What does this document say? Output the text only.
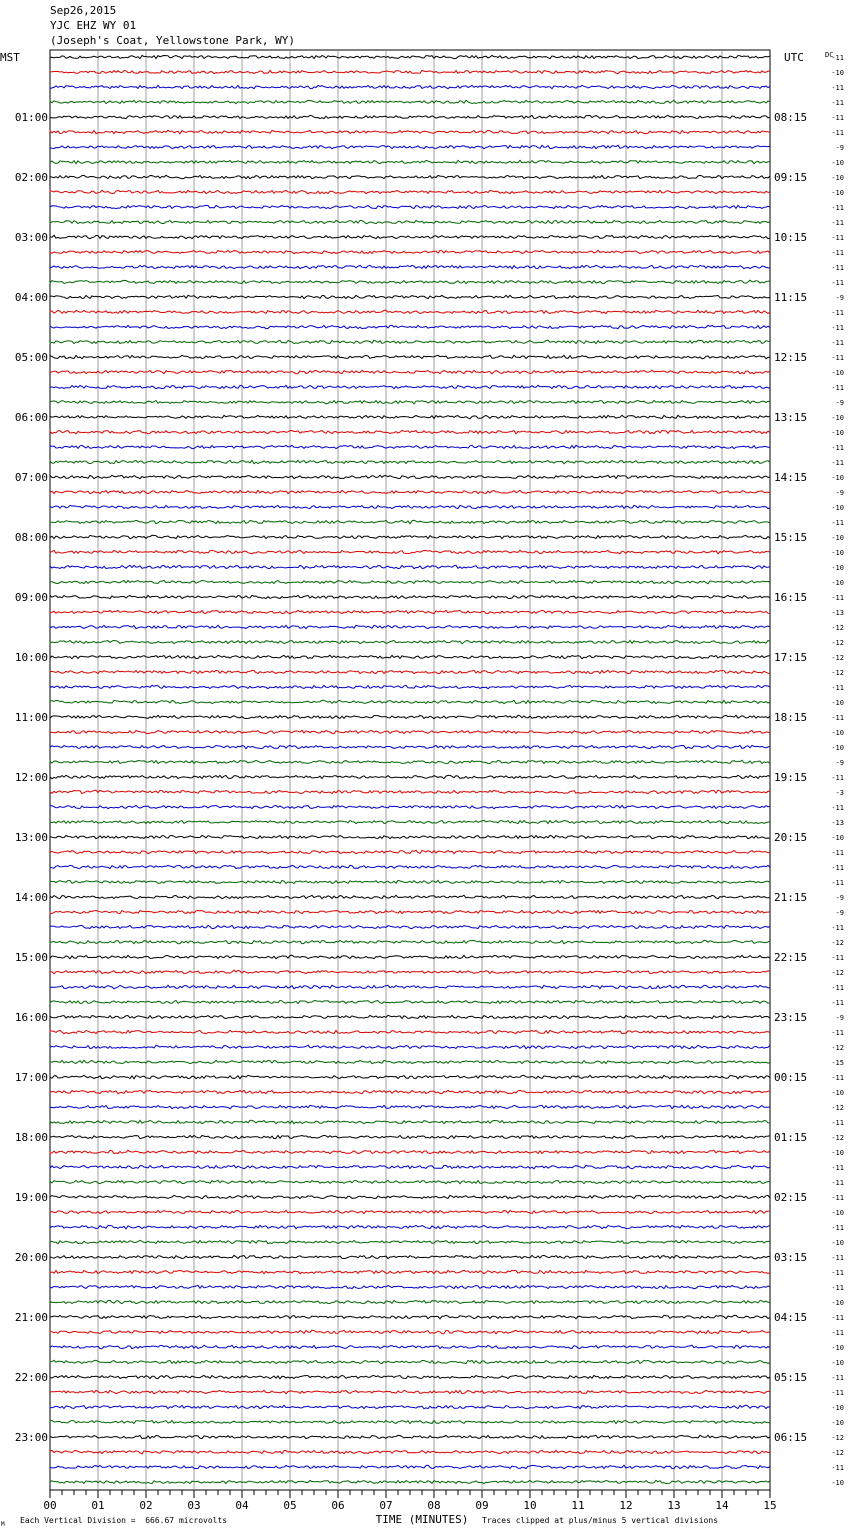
Sep26,2015
YJC EHZ WY 01
(Joseph's Coat, Yellowstone Park, WY)
MST	UTC	DC
01:00
02:00
03:00
04:00
05:00
06:00
07:00
08:00
09:00
10:00
11:00
12:00
13:00
14:00
15:00
16:00
17:00
18:00
19:00
20:00
21:00
22:00
23:00
08:15
09:15
10:15
11:15
12:15
13:15
14:15
15:15
16:15
17:15
18:15
19:15
20:15
21:15
22:15
23:15
00:15
01:15
02:15
03:15
04:15
05:15
06:15
-11
-10
-11
-11
-11
-11
-9
-10
-10
-10
-11
-11
-11
-11
-11
-11
-9
-11
-11
-11
-11
-10
-11
-9
-10
-10
-11
-11
-10
-9
-10
-11
-10
-10
-10
-10
-11
-13
-12
-12
-12
-12
-11
-10
-11
-10
-10
-9
-11
-3
-11
-13
-10
-11
-11
-11
-9
-9
-11
-12
-11
-12
-11
-11
-9
-11
-12
-15
-11
-10
-12
-11
-12
-10
-11
-11
-11
-10
-11
-10
-11
-11
-11
-10
-11
-11
-10
-10
-11
-11
-10
-10
-12
-12
-11
-10
00	01	02	03	04	05	06	07	08	09	10	11	12	13	14	15
TIME (MINUTES)
Each Vertical Division =  666.67 microvolts	Traces clipped at plus/minus 5 vertical divisions
M
